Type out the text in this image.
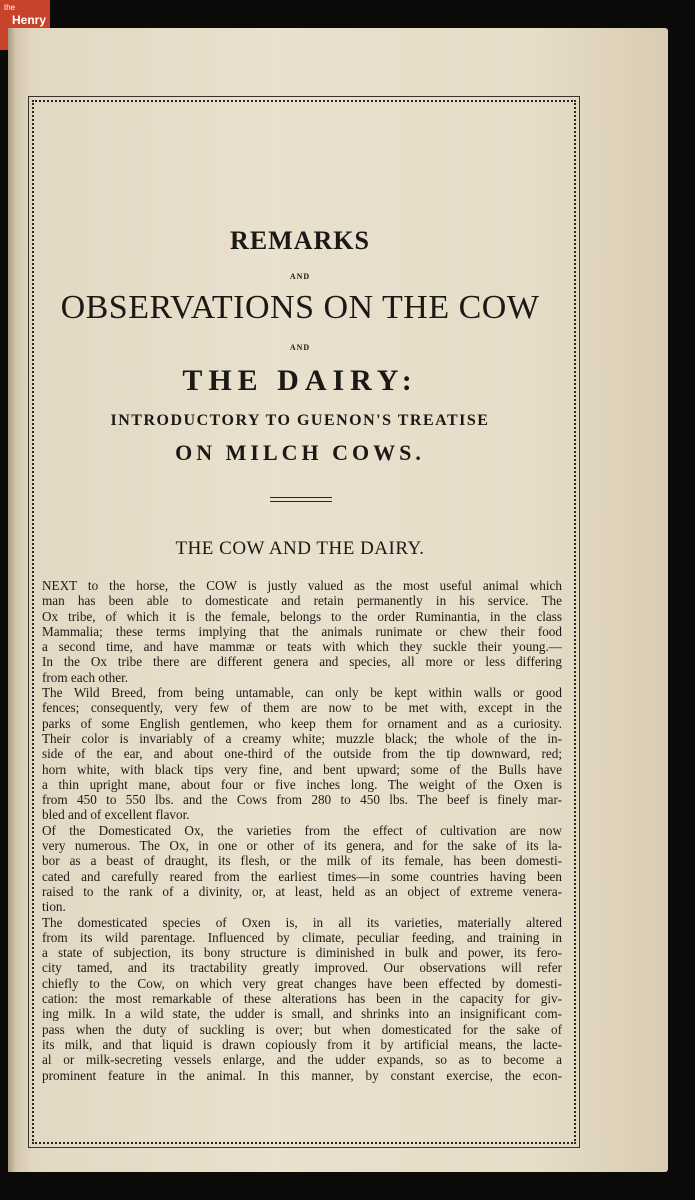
the
Henry
REMARKS
AND
OBSERVATIONS ON THE COW
AND
THE DAIRY:
INTRODUCTORY TO GUENON'S TREATISE
ON MILCH COWS.
THE COW AND THE DAIRY.

NEXT to the horse, the COW is justly valued as the most useful animal which

man has been able to domesticate and retain permanently in his service. The

Ox tribe, of which it is the female, belongs to the order Ruminantia, in the class

Mammalia; these terms implying that the animals runimate or chew their food

a second time, and have mammæ or teats with which they suckle their young.—

In the Ox tribe there are different genera and species, all more or less differing

from each other.

The Wild Breed, from being untamable, can only be kept within walls or good

fences; consequently, very few of them are now to be met with, except in the

parks of some English gentlemen, who keep them for ornament and as a curiosity.

Their color is invariably of a creamy white; muzzle black; the whole of the in-

side of the ear, and about one-third of the outside from the tip downward, red;

horn white, with black tips very fine, and bent upward; some of the Bulls have

a thin upright mane, about four or five inches long. The weight of the Oxen is

from 450 to 550 lbs. and the Cows from 280 to 450 lbs. The beef is finely mar-

bled and of excellent flavor.

Of the Domesticated Ox, the varieties from the effect of cultivation are now

very numerous. The Ox, in one or other of its genera, and for the sake of its la-

bor as a beast of draught, its flesh, or the milk of its female, has been domesti-

cated and carefully reared from the earliest times—in some countries having been

raised to the rank of a divinity, or, at least, held as an object of extreme venera-

tion.

The domesticated species of Oxen is, in all its varieties, materially altered

from its wild parentage. Influenced by climate, peculiar feeding, and training in

a state of subjection, its bony structure is diminished in bulk and power, its fero-

city tamed, and its tractability greatly improved. Our observations will refer

chiefly to the Cow, on which very great changes have been effected by domesti-

cation: the most remarkable of these alterations has been in the capacity for giv-

ing milk. In a wild state, the udder is small, and shrinks into an insignificant com-

pass when the duty of suckling is over; but when domesticated for the sake of

its milk, and that liquid is drawn copiously from it by artificial means, the lacte-

al or milk-secreting vessels enlarge, and the udder expands, so as to become a

prominent feature in the animal. In this manner, by constant exercise, the econ-
